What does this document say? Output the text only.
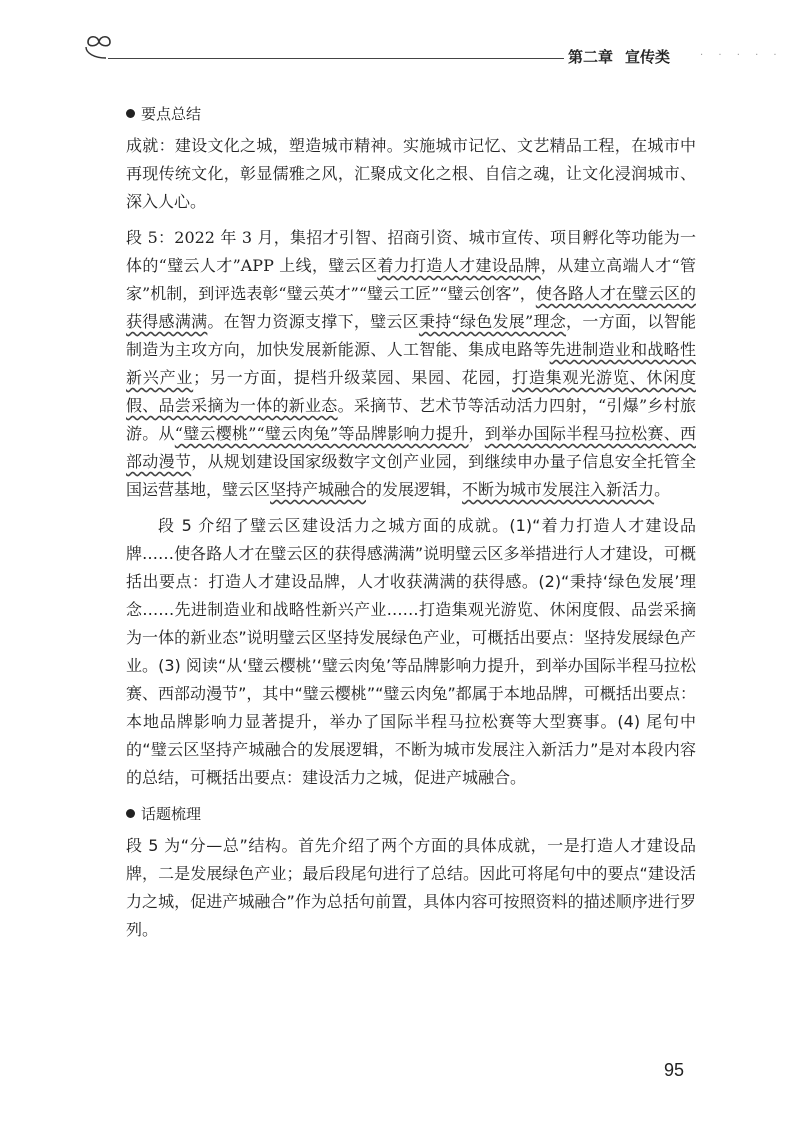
第二章 宣传类	· · · · ·
要点总结

成就：建设文化之城，塑造城市精神。实施城市记忆、文艺精品工程，在城市中再现传统文化，彰显儒雅之风，汇聚成文化之根、自信之魂，让文化浸润城市、深入人心。

段 5：2022 年 3 月，集招才引智、招商引资、城市宣传、项目孵化等功能为一体的“璧云人才”APP 上线，璧云区着力打造人才建设品牌，从建立高端人才“管家”机制，到评选表彰“璧云英才”“璧云工匠”“璧云创客”，使各路人才在璧云区的获得感满满。在智力资源支撑下，璧云区秉持“绿色发展”理念，一方面，以智能制造为主攻方向，加快发展新能源、人工智能、集成电路等先进制造业和战略性新兴产业；另一方面，提档升级菜园、果园、花园，打造集观光游览、休闲度假、品尝采摘为一体的新业态。采摘节、艺术节等活动活力四射，“引爆”乡村旅游。从“璧云樱桃”“璧云肉兔”等品牌影响力提升，到举办国际半程马拉松赛、西部动漫节，从规划建设国家级数字文创产业园，到继续申办量子信息安全托管全国运营基地，璧云区坚持产城融合的发展逻辑，不断为城市发展注入新活力。

段 5 介绍了璧云区建设活力之城方面的成就。(1)“着力打造人才建设品牌……使各路人才在璧云区的获得感满满”说明璧云区多举措进行人才建设，可概括出要点：打造人才建设品牌，人才收获满满的获得感。(2)“秉持‘绿色发展’理念……先进制造业和战略性新兴产业……打造集观光游览、休闲度假、品尝采摘为一体的新业态”说明璧云区坚持发展绿色产业，可概括出要点：坚持发展绿色产业。(3) 阅读“从‘璧云樱桃’‘璧云肉兔’等品牌影响力提升，到举办国际半程马拉松赛、西部动漫节”，其中“璧云樱桃”“璧云肉兔”都属于本地品牌，可概括出要点：本地品牌影响力显著提升，举办了国际半程马拉松赛等大型赛事。(4) 尾句中的“璧云区坚持产城融合的发展逻辑，不断为城市发展注入新活力”是对本段内容的总结，可概括出要点：建设活力之城，促进产城融合。

话题梳理

段 5 为“分—总”结构。首先介绍了两个方面的具体成就，一是打造人才建设品牌，二是发展绿色产业；最后段尾句进行了总结。因此可将尾句中的要点“建设活力之城，促进产城融合”作为总括句前置，具体内容可按照资料的描述顺序进行罗列。

95
